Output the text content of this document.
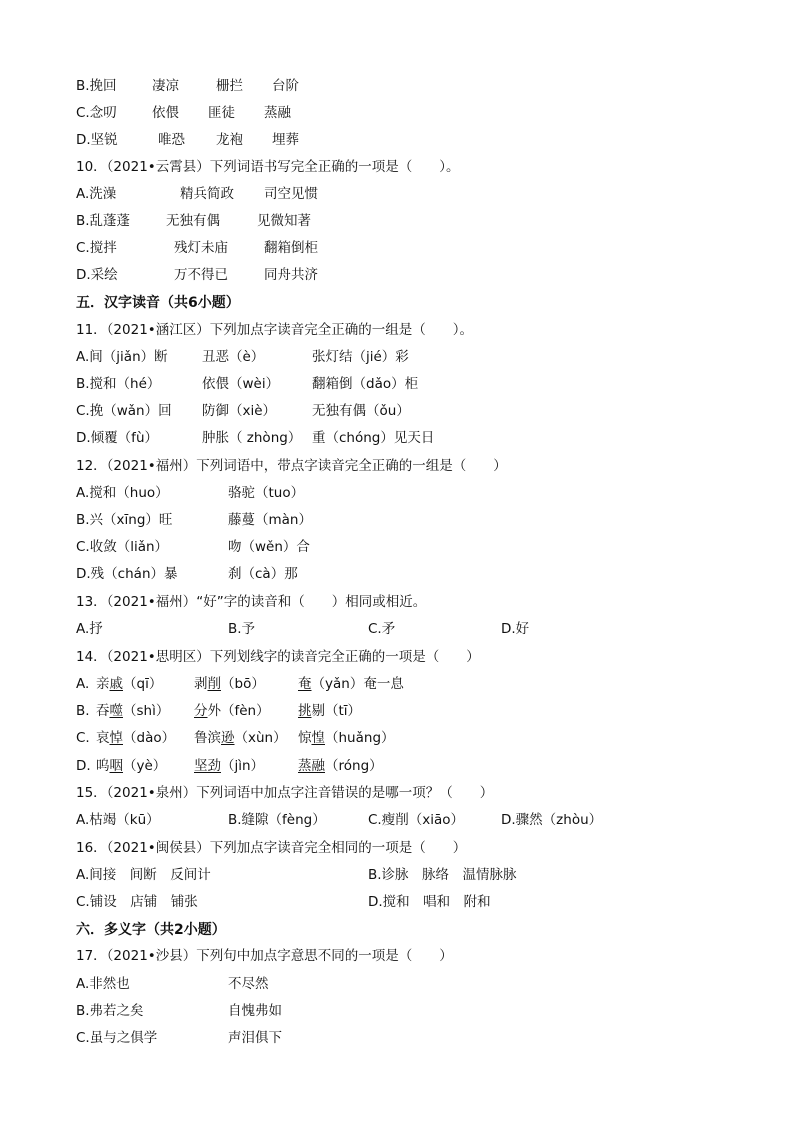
B.挽回	凄凉	栅拦 台阶
C.念叨	依偎 匪徒 蒸融
D.坚锐	唯恐 龙袍 埋葬
10．（2021•云霄县）下列词语书写完全正确的一项是（　　）。
A.洗澡	精兵简政 司空见惯
B.乱蓬蓬	无独有偶	见微知著
C.搅拌	残灯未庙	翻箱倒柜
D.采绘	万不得已	同舟共济
五．汉字读音（共6小题）
11．（2021•涵江区）下列加点字读音完全正确的一组是（　　）。
A.间（jiǎn）断	丑恶（è）	张灯结（jié）彩
B.搅和（hé）	依偎（wèi） 翻箱倒（dǎo）柜
C.挽（wǎn）回 防御（xiè）	无独有偶（ǒu）
D.倾覆（fù）	肿胀（ zhòng） 重（chóng）见天日
12．（2021•福州）下列词语中，带点字读音完全正确的一组是（　　）
A.搅和（huo）	骆驼（tuo）
B.兴（xīng）旺	藤蔓（màn）
C.收敛（liǎn）	吻（wěn）合
D.残（chán）暴	刹（cà）那
13．（2021•福州）“好”字的读音和（　　）相同或相近。
A.抒	B.予	C.矛	D.好
14．（2021•思明区）下列划线字的读音完全正确的一项是（　　）
A. 亲戚（qī） 剥削（bō） 奄（yǎn）奄一息
B. 吞噬（shì） 分外（fèn） 挑剔（tī）
C. 哀悼（dào） 鲁滨逊（xùn） 惊惶（huǎng）
D. 呜咽（yè） 坚劲（jìn）	蒸融（róng）
15．（2021•泉州）下列词语中加点字注音错误的是哪一项？（　　）
A.枯竭（kū）	B.缝隙（fèng）	C.瘦削（xiāo）	D.骤然（zhòu）
16．（2021•闽侯县）下列加点字读音完全相同的一项是（　　）
A.间接　间断　反间计	B.诊脉　脉络　温情脉脉
C.铺设　店铺　铺张	D.搅和　唱和　附和
六．多义字（共2小题）
17．（2021•沙县）下列句中加点字意思不同的一项是（　　）
A.非然也	不尽然
B.弗若之矣	自愧弗如
C.虽与之俱学	声泪俱下
